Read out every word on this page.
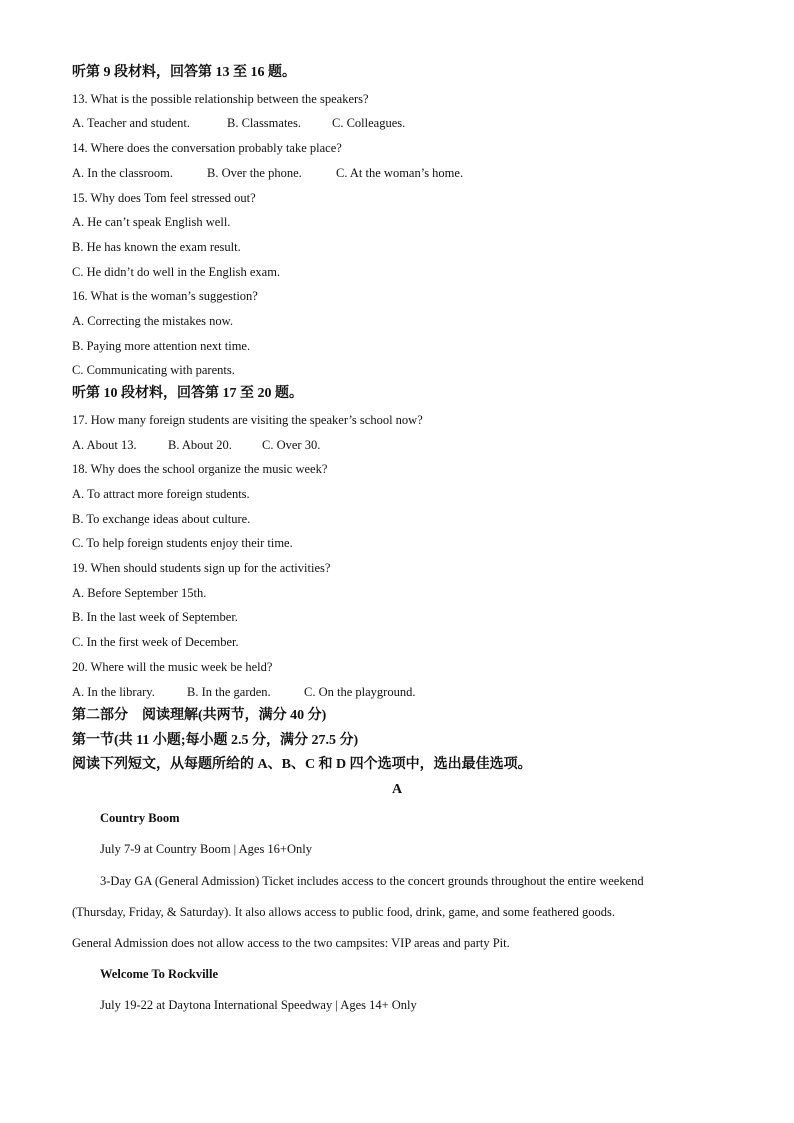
听第 9 段材料，回答第 13 至 16 题。
13. What is the possible relationship between the speakers?
A. Teacher and student.	B. Classmates. C. Colleagues.
14. Where does the conversation probably take place?
A. In the classroom.	B. Over the phone.	C. At the woman’s home.
15. Why does Tom feel stressed out?
A. He can’t speak English well.
B. He has known the exam result.
C. He didn’t do well in the English exam.
16. What is the woman’s suggestion?
A. Correcting the mistakes now.
B. Paying more attention next time.
C. Communicating with parents.
听第 10 段材料，回答第 17 至 20 题。
17. How many foreign students are visiting the speaker’s school now?
A. About 13.	B. About 20. C. Over 30.
18. Why does the school organize the music week?
A. To attract more foreign students.
B. To exchange ideas about culture.
C. To help foreign students enjoy their time.
19. When should students sign up for the activities?
A. Before September 15th.
B. In the last week of September.
C. In the first week of December.
20. Where will the music week be held?
A. In the library.	B. In the garden.	C. On the playground.
第二部分　阅读理解(共两节，满分 40 分)
第一节(共 11 小题;每小题 2.5 分，满分 27.5 分)
阅读下列短文，从每题所给的 A、B、C 和 D 四个选项中，选出最佳选项。
A
Country Boom
July 7-9 at Country Boom | Ages 16+Only
3-Day GA (General Admission) Ticket includes access to the concert grounds throughout the entire weekend
(Thursday, Friday, & Saturday). It also allows access to public food, drink, game, and some feathered goods.
General Admission does not allow access to the two campsites: VIP areas and party Pit.
Welcome To Rockville
July 19-22 at Daytona International Speedway | Ages 14+ Only
